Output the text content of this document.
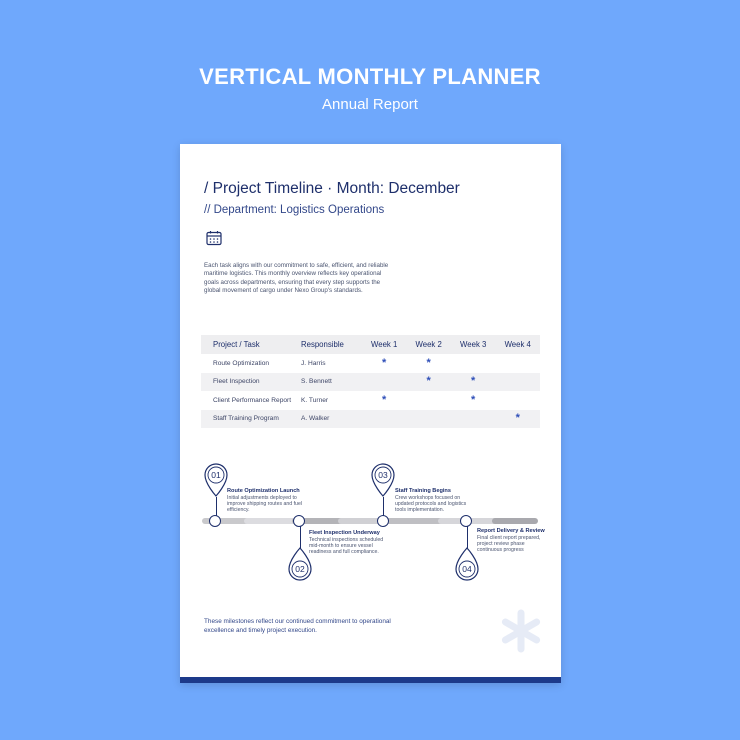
VERTICAL MONTHLY PLANNER
Annual Report
/ Project Timeline · Month: December
// Department: Logistics Operations
Each task aligns with our commitment to safe, efficient, and reliable maritime logistics. This monthly overview reflects key operational goals across departments, ensuring that every step supports the global movement of cargo under Nexo Group's standards.
Project / Task	Responsible	Week 1	Week 2	Week 3	Week 4
Route Optimization	J. Harris	*	*		
Fleet Inspection	S. Bennett		*	*	
Client Performance Report	K. Turner	*		*	
Staff Training Program	A. Walker				*
01
Route Optimization Launch
Initial adjustments deployed to improve shipping routes and fuel efficiency.
03
Staff Training Begins
Crew workshops focused on updated protocols and logistics tools implementation.
02
Fleet Inspection Underway
Technical inspections scheduled mid-month to ensure vessel readiness and full compliance.
04
Report Delivery & Review
Final client report prepared, project review phase continuous progress
These milestones reflect our continued commitment to operational excellence and timely project execution.
